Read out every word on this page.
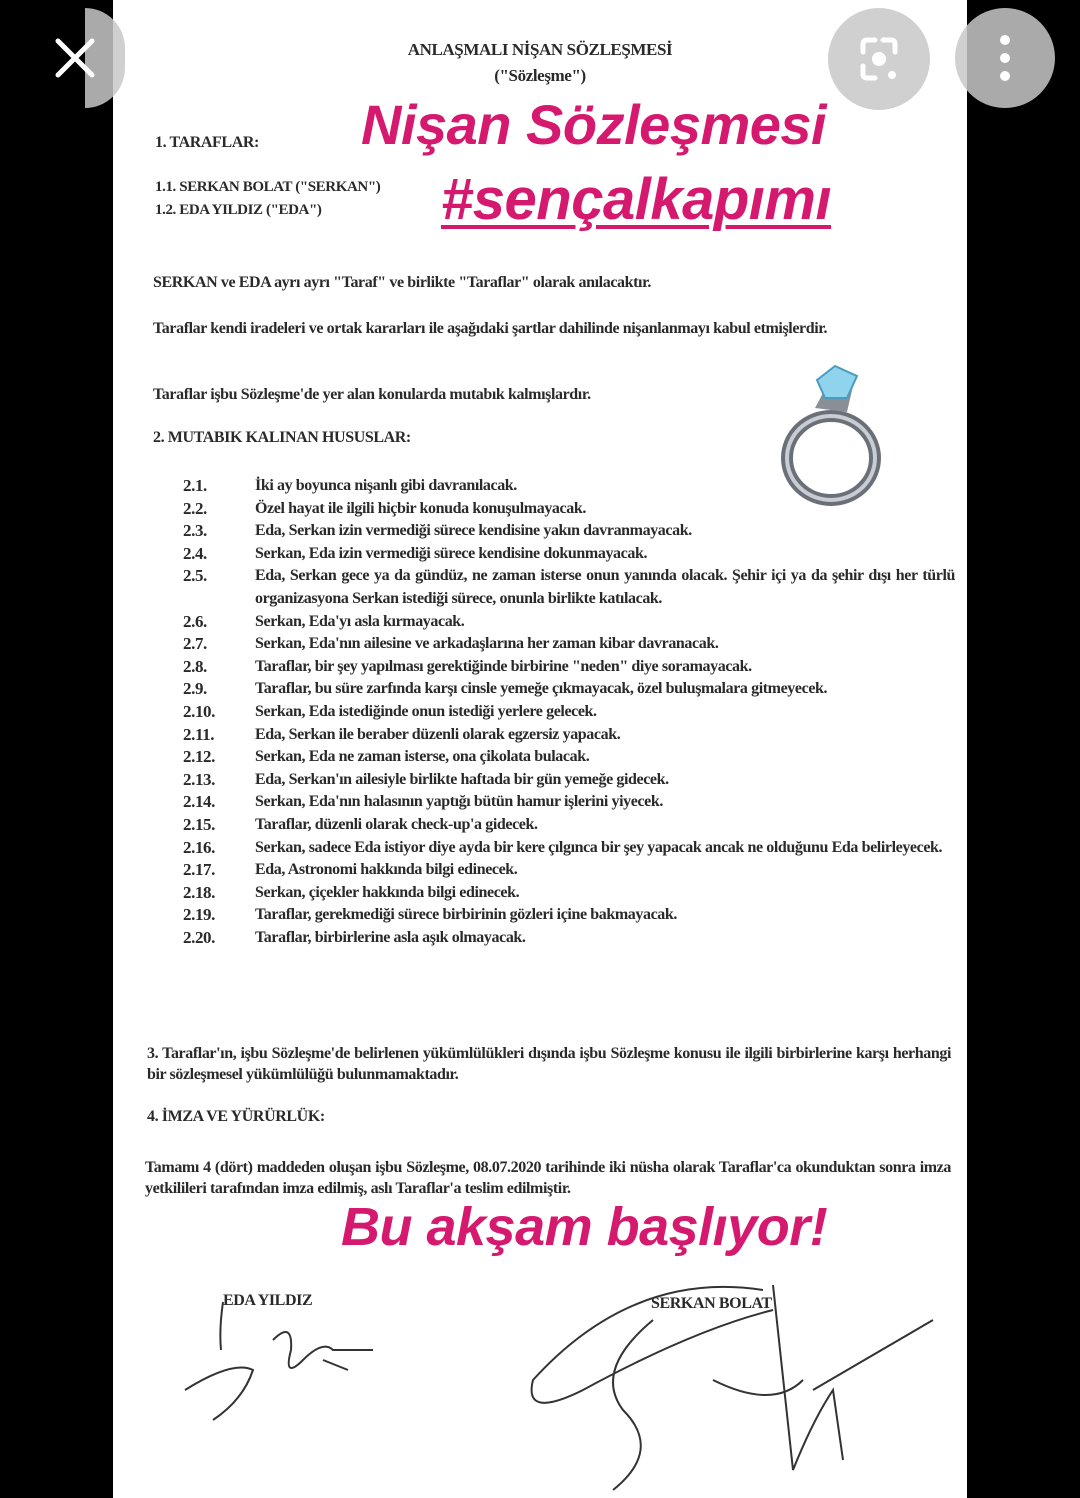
ANLAŞMALI NİŞAN SÖZLEŞMESİ
("Sözleşme")
1. TARAFLAR: Nişan Sözleşmesi
1.1. SERKAN BOLAT ("SERKAN")
1.2. EDA YILDIZ ("EDA") #sençalkapımı
SERKAN ve EDA ayrı ayrı "Taraf" ve birlikte "Taraflar" olarak anılacaktır.
Taraflar kendi iradeleri ve ortak kararları ile aşağıdaki şartlar dahilinde nişanlanmayı kabul etmişlerdir.
Taraflar işbu Sözleşme'de yer alan konularda mutabık kalmışlardır.
2. MUTABIK KALINAN HUSUSLAR:
2.1.	İki ay boyunca nişanlı gibi davranılacak.
2.2.	Özel hayat ile ilgili hiçbir konuda konuşulmayacak.
2.3.	Eda, Serkan izin vermediği sürece kendisine yakın davranmayacak.
2.4.	Serkan, Eda izin vermediği sürece kendisine dokunmayacak.
2.5.	Eda, Serkan gece ya da gündüz, ne zaman isterse onun yanında olacak. Şehir içi ya da şehir dışı her türlü organizasyona Serkan istediği sürece, onunla birlikte katılacak.
2.6.	Serkan, Eda'yı asla kırmayacak.
2.7.	Serkan, Eda'nın ailesine ve arkadaşlarına her zaman kibar davranacak.
2.8.	Taraflar, bir şey yapılması gerektiğinde birbirine "neden" diye soramayacak.
2.9.	Taraflar, bu süre zarfında karşı cinsle yemeğe çıkmayacak, özel buluşmalara gitmeyecek.
2.10.	Serkan, Eda istediğinde onun istediği yerlere gelecek.
2.11.	Eda, Serkan ile beraber düzenli olarak egzersiz yapacak.
2.12.	Serkan, Eda ne zaman isterse, ona çikolata bulacak.
2.13.	Eda, Serkan'ın ailesiyle birlikte haftada bir gün yemeğe gidecek.
2.14.	Serkan, Eda'nın halasının yaptığı bütün hamur işlerini yiyecek.
2.15.	Taraflar, düzenli olarak check-up'a gidecek.
2.16.	Serkan, sadece Eda istiyor diye ayda bir kere çılgınca bir şey yapacak ancak ne olduğunu Eda belirleyecek.
2.17.	Eda, Astronomi hakkında bilgi edinecek.
2.18.	Serkan, çiçekler hakkında bilgi edinecek.
2.19.	Taraflar, gerekmediği sürece birbirinin gözleri içine bakmayacak.
2.20.	Taraflar, birbirlerine asla aşık olmayacak.
3. Taraflar'ın, işbu Sözleşme'de belirlenen yükümlülükleri dışında işbu Sözleşme konusu ile ilgili birbirlerine karşı herhangi bir sözleşmesel yükümlülüğü bulunmamaktadır.
4. İMZA VE YÜRÜRLÜK:
Tamamı 4 (dört) maddeden oluşan işbu Sözleşme, 08.07.2020 tarihinde iki nüsha olarak Taraflar'ca okunduktan sonra imza yetkilileri tarafından imza edilmiş, aslı Taraflar'a teslim edilmiştir.
Bu akşam başlıyor!
EDA YILDIZ	SERKAN BOLAT
